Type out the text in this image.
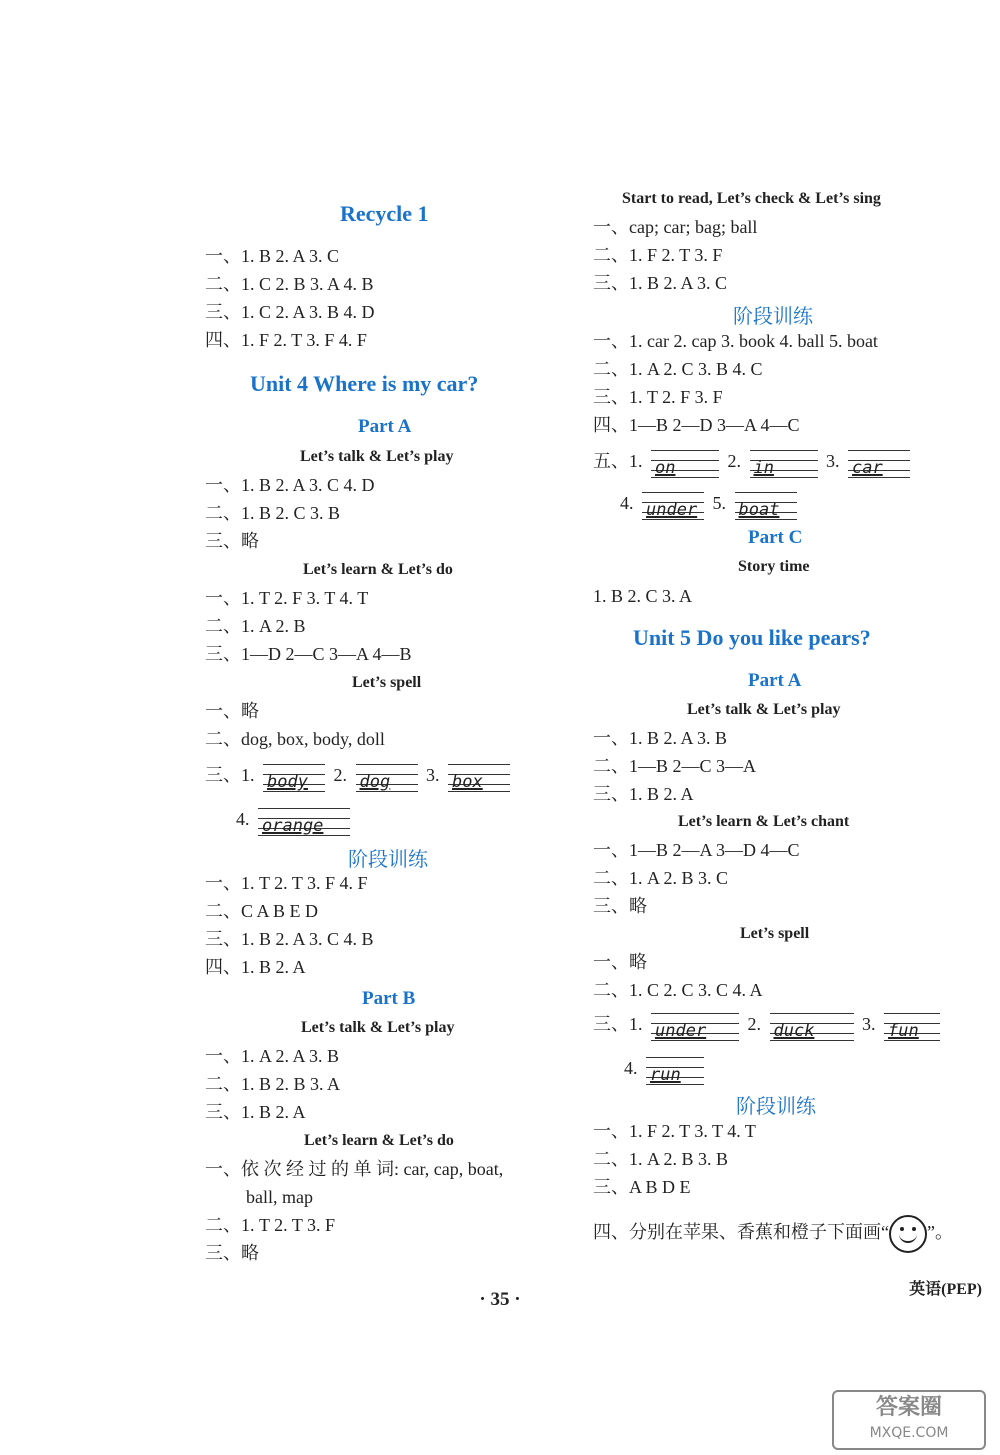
Recycle 1
一、1. B 2. A 3. C
二、1. C 2. B 3. A 4. B
三、1. C 2. A 3. B 4. D
四、1. F 2. T 3. F 4. F
Unit 4 Where is my car?
Part A
Let’s talk & Let’s play
一、1. B 2. A 3. C 4. D
二、1. B 2. C 3. B
三、略
Let’s learn & Let’s do
一、1. T 2. F 3. T 4. T
二、1. A 2. B
三、1—D 2—C 3—A 4—B
Let’s spell
一、略
二、dog, box, body, doll
三、1. body	2. dog	3. box
4. orange
阶段训练
一、1. T 2. T 3. F 4. F
二、C A B E D
三、1. B 2. A 3. C 4. B
四、1. B 2. A
Part B
Let’s talk & Let’s play
一、1. A 2. A 3. B
二、1. B 2. B 3. A
三、1. B 2. A
Let’s learn & Let’s do
一、依 次 经 过 的 单 词: car, cap, boat,
ball, map
二、1. T 2. T 3. F
三、略
Start to read, Let’s check & Let’s sing
一、cap; car; bag; ball
二、1. F 2. T 3. F
三、1. B 2. A 3. C
阶段训练
一、1. car 2. cap 3. book 4. ball 5. boat
二、1. A 2. C 3. B 4. C
三、1. T 2. F 3. F
四、1—B 2—D 3—A 4—C
五、1. on	2. in	3. car
4. under 5. boat
Part C
Story time
1. B 2. C 3. A
Unit 5 Do you like pears?
Part A
Let’s talk & Let’s play
一、1. B 2. A 3. B
二、1—B 2—C 3—A
三、1. B 2. A
Let’s learn & Let’s chant
一、1—B 2—A 3—D 4—C
二、1. A 2. B 3. C
三、略
Let’s spell
一、略
二、1. C 2. C 3. C 4. A
三、1. under	2. duck	3. fun
4. run
阶段训练
一、1. F 2. T 3. T 4. T
二、1. A 2. B 3. B
三、A B D E
四、分别在苹果、香蕉和橙子下面画“ ”。
英语(PEP)
· 35 ·
答案圈
MXQE.COM
